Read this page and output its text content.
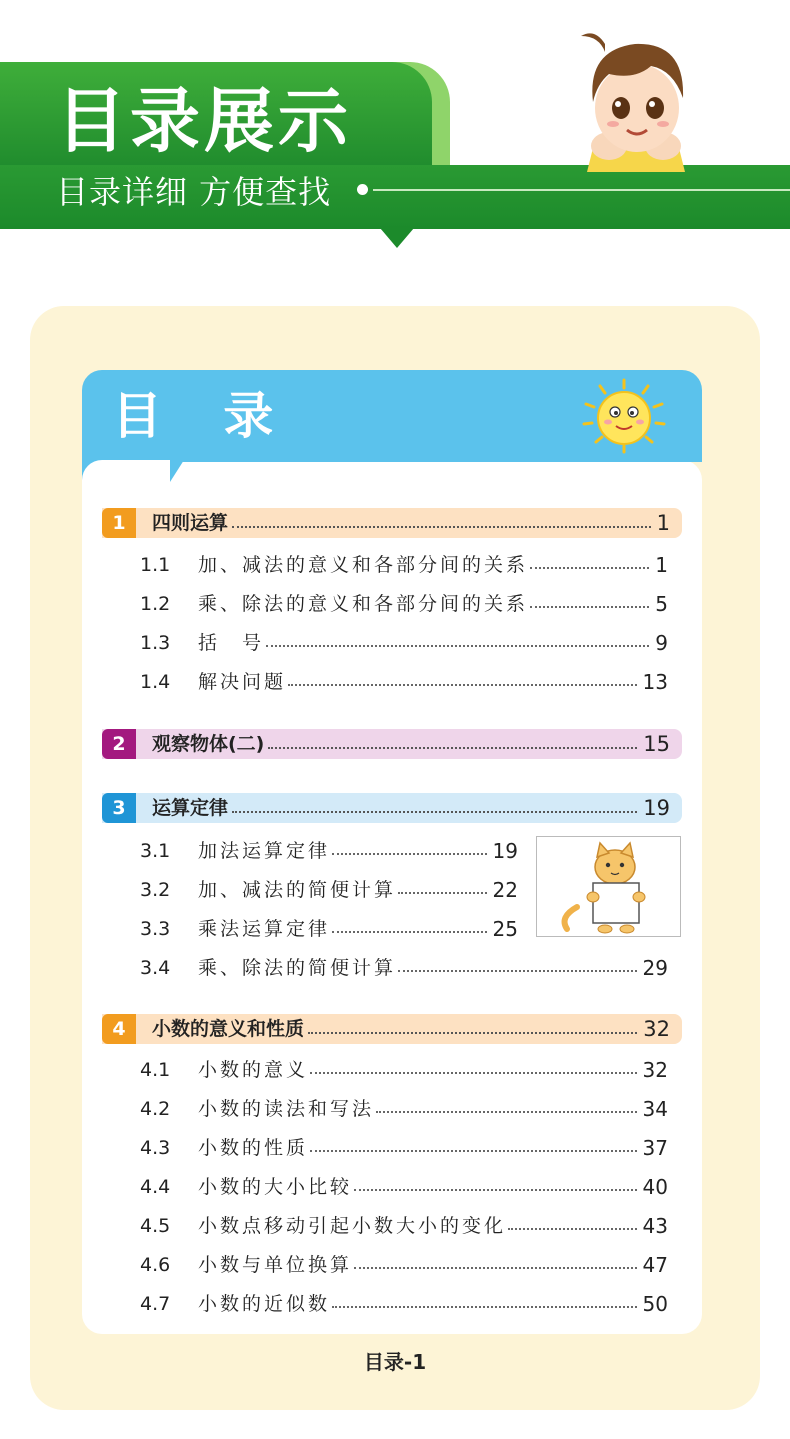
目录展示
目录详细 方便查找
目 录
1	四则运算	1
1.1 加、减法的意义和各部分间的关系	1
1.2 乘、除法的意义和各部分间的关系	5
1.3 括　号	9
1.4 解决问题	13
2	观察物体(二)	15
3	运算定律	19
3.1 加法运算定律	19
3.2 加、减法的简便计算	22
3.3 乘法运算定律	25
3.4 乘、除法的简便计算	29
4	小数的意义和性质	32
4.1 小数的意义	32
4.2 小数的读法和写法	34
4.3 小数的性质	37
4.4 小数的大小比较	40
4.5 小数点移动引起小数大小的变化	43
4.6 小数与单位换算	47
4.7 小数的近似数	50
目录-1
